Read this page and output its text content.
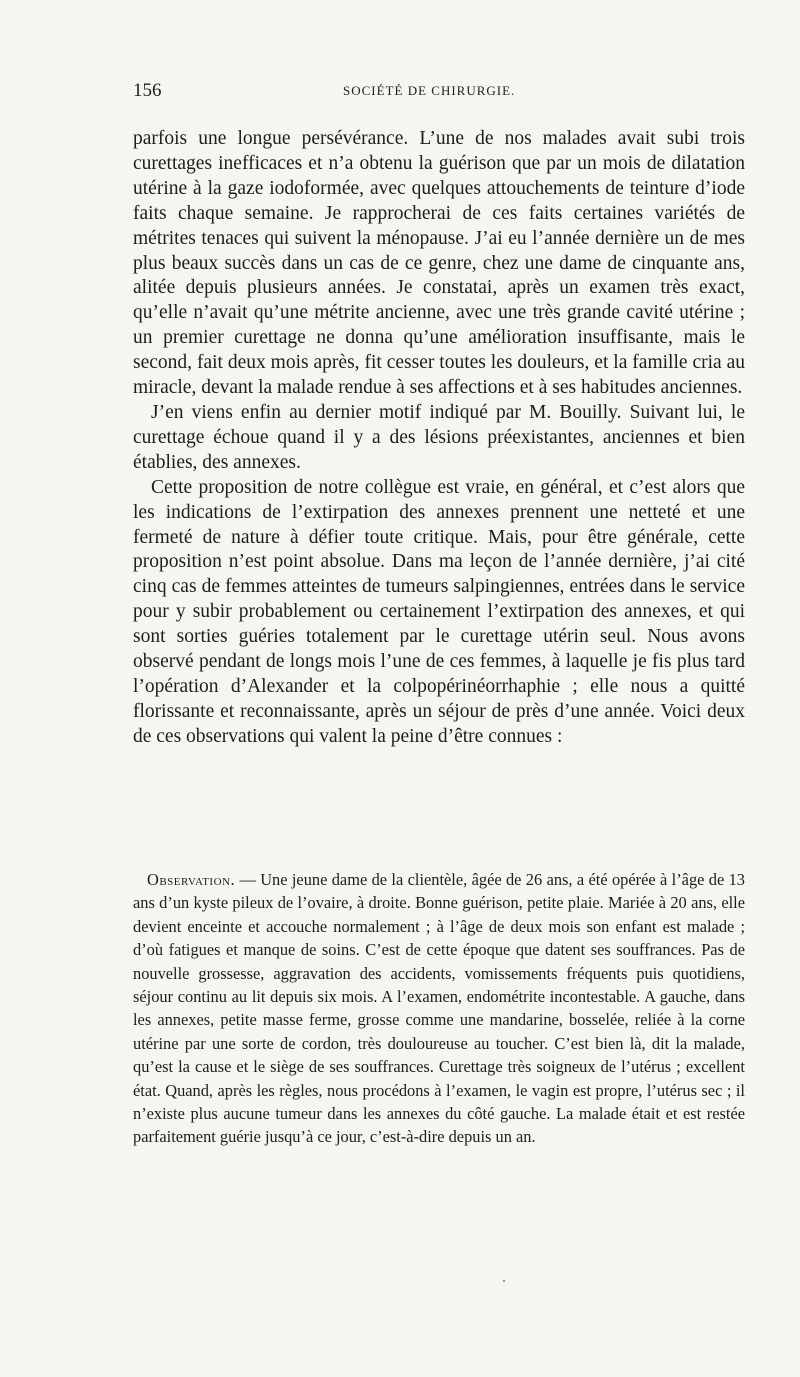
156	SOCIÉTÉ DE CHIRURGIE.

parfois une longue persévérance. L’une de nos malades avait subi trois curettages inefficaces et n’a obtenu la guérison que par un mois de dilatation utérine à la gaze iodoformée, avec quelques attouchements de teinture d’iode faits chaque semaine. Je rapprocherai de ces faits certaines variétés de métrites tenaces qui suivent la ménopause. J’ai eu l’année dernière un de mes plus beaux succès dans un cas de ce genre, chez une dame de cinquante ans, alitée depuis plusieurs années. Je constatai, après un examen très exact, qu’elle n’avait qu’une métrite ancienne, avec une très grande cavité utérine ; un premier curettage ne donna qu’une amélioration insuffisante, mais le second, fait deux mois après, fit cesser toutes les douleurs, et la famille cria au miracle, devant la malade rendue à ses affections et à ses habitudes anciennes.

J’en viens enfin au dernier motif indiqué par M. Bouilly. Suivant lui, le curettage échoue quand il y a des lésions préexistantes, anciennes et bien établies, des annexes.

Cette proposition de notre collègue est vraie, en général, et c’est alors que les indications de l’extirpation des annexes prennent une netteté et une fermeté de nature à défier toute critique. Mais, pour être générale, cette proposition n’est point absolue. Dans ma leçon de l’année dernière, j’ai cité cinq cas de femmes atteintes de tumeurs salpingiennes, entrées dans le service pour y subir probablement ou certainement l’extirpation des annexes, et qui sont sorties guéries totalement par le curettage utérin seul. Nous avons observé pendant de longs mois l’une de ces femmes, à laquelle je fis plus tard l’opération d’Alexander et la colpopérinéorrhaphie ; elle nous a quitté florissante et reconnaissante, après un séjour de près d’une année. Voici deux de ces observations qui valent la peine d’être connues :

Observation. — Une jeune dame de la clientèle, âgée de 26 ans, a été opérée à l’âge de 13 ans d’un kyste pileux de l’ovaire, à droite. Bonne guérison, petite plaie. Mariée à 20 ans, elle devient enceinte et accouche normalement ; à l’âge de deux mois son enfant est malade ; d’où fatigues et manque de soins. C’est de cette époque que datent ses souffrances. Pas de nouvelle grossesse, aggravation des accidents, vomissements fréquents puis quotidiens, séjour continu au lit depuis six mois. A l’examen, endométrite incontestable. A gauche, dans les annexes, petite masse ferme, grosse comme une mandarine, bosselée, reliée à la corne utérine par une sorte de cordon, très douloureuse au toucher. C’est bien là, dit la malade, qu’est la cause et le siège de ses souffrances. Curettage très soigneux de l’utérus ; excellent état. Quand, après les règles, nous procédons à l’examen, le vagin est propre, l’utérus sec ; il n’existe plus aucune tumeur dans les annexes du côté gauche. La malade était et est restée parfaitement guérie jusqu’à ce jour, c’est-à-dire depuis un an.
